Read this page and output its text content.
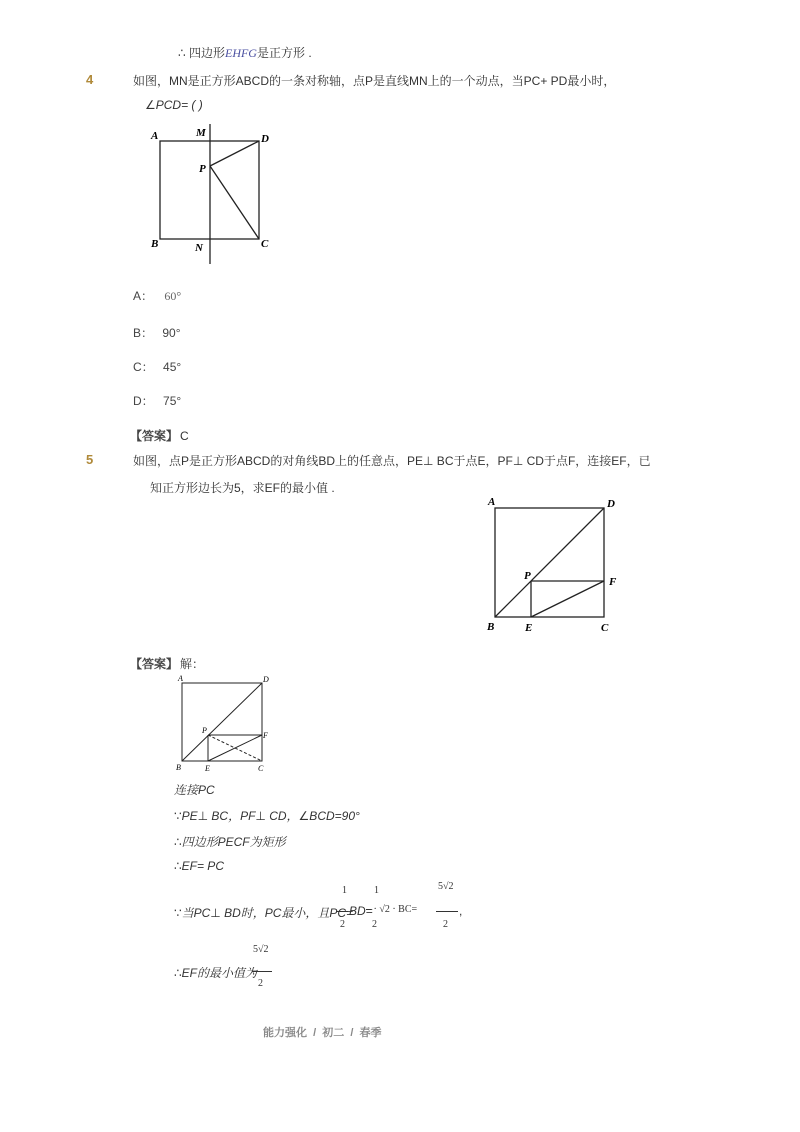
∴ 四边形EHFG是正方形 .
4	如图，MN是正方形ABCD的一条对称轴，点P是直线MN上的一个动点，当PC+ PD最小时，
∠PCD= ( )
A	M	D
P
B	N	C
A： 60°
B： 90°
C： 45°
D： 75°
【答案】 C
5	如图，点P是正方形ABCD的对角线BD上的任意点，PE⊥ BC于点E，PF⊥ CD于点F，连接EF，已
知正方形边长为5，求EF的最小值 .
A	D
P	F
B	E	C
【答案】 解：
A	D
P
F
B	E	C
连接PC
∵PE⊥ BC，PF⊥ CD，∠BCD=90°
∴四边形PECF为矩形
∴EF= PC
∵当PC⊥ BD时，PC最小，且PC=
1
2
BD=
1
2
· √2 · BC=
5√2
2
,
∴EF的最小值为
5√2
2
能力强化  /  初二  /  春季
